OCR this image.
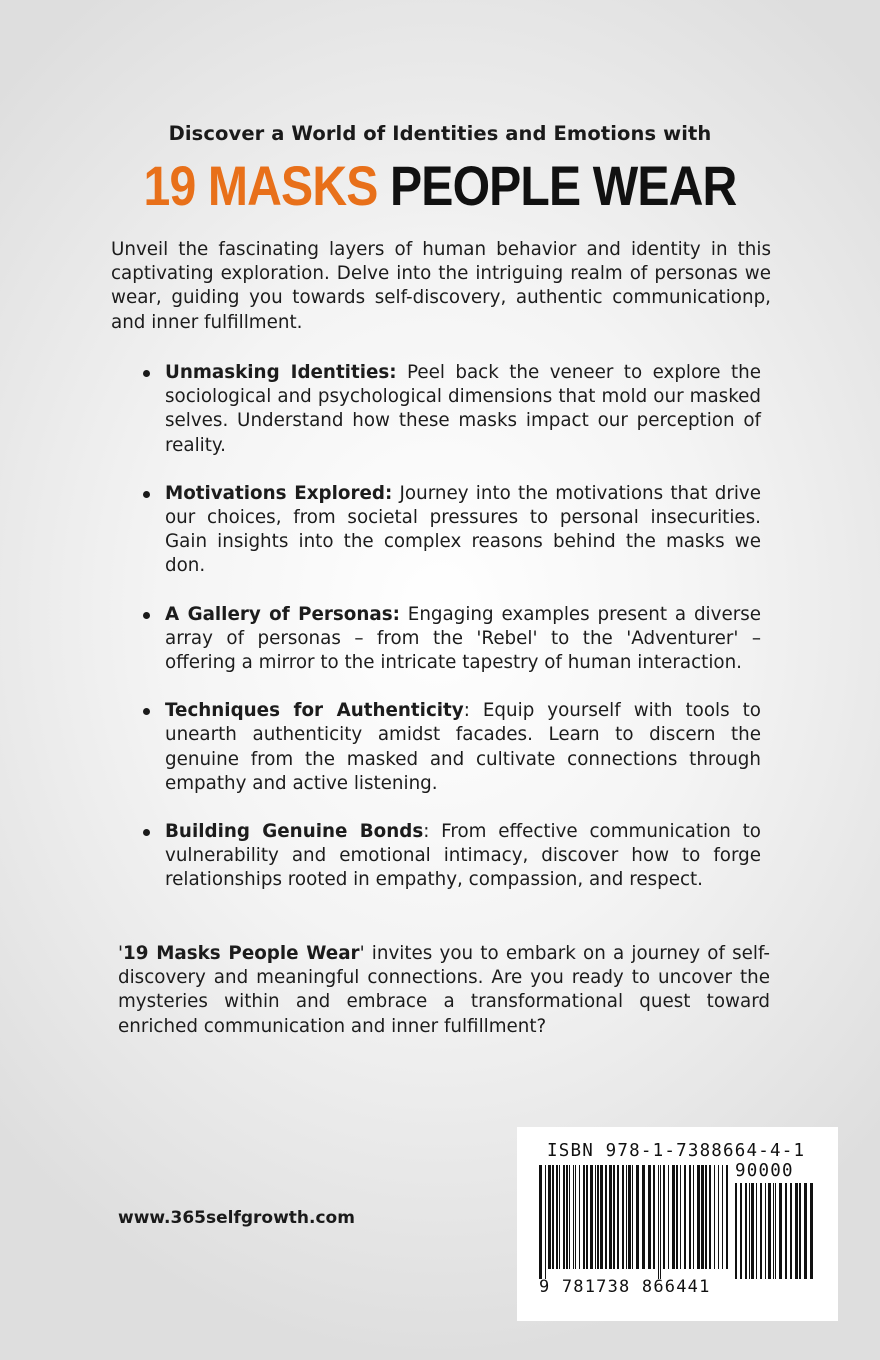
Discover a World of Identities and Emotions with
19 MASKS PEOPLE WEAR

Unveil the fascinating layers of human behavior and identity in this captivating exploration. Delve into the intriguing realm of personas we wear, guiding you towards self-discovery, authentic communicationp, and inner fulfillment.

Unmasking Identities: Peel back the veneer to explore the sociological and psychological dimensions that mold our masked selves. Understand how these masks impact our perception of reality.
Motivations Explored: Journey into the motivations that drive our choices, from societal pressures to personal insecurities. Gain insights into the complex reasons behind the masks we don.
A Gallery of Personas: Engaging examples present a diverse array of personas – from the 'Rebel' to the 'Adventurer' – offering a mirror to the intricate tapestry of human interaction.
Techniques for Authenticity: Equip yourself with tools to unearth authenticity amidst facades. Learn to discern the genuine from the masked and cultivate connections through empathy and active listening.
Building Genuine Bonds: From effective communication to vulnerability and emotional intimacy, discover how to forge relationships rooted in empathy, compassion, and respect.

'19 Masks People Wear' invites you to embark on a journey of self-discovery and meaningful connections. Are you ready to uncover the mysteries within and embrace a transformational quest toward enriched communication and inner fulfillment?

www.365selfgrowth.com
ISBN 978-1-7388664-4-1
90000
9 781738 866441
